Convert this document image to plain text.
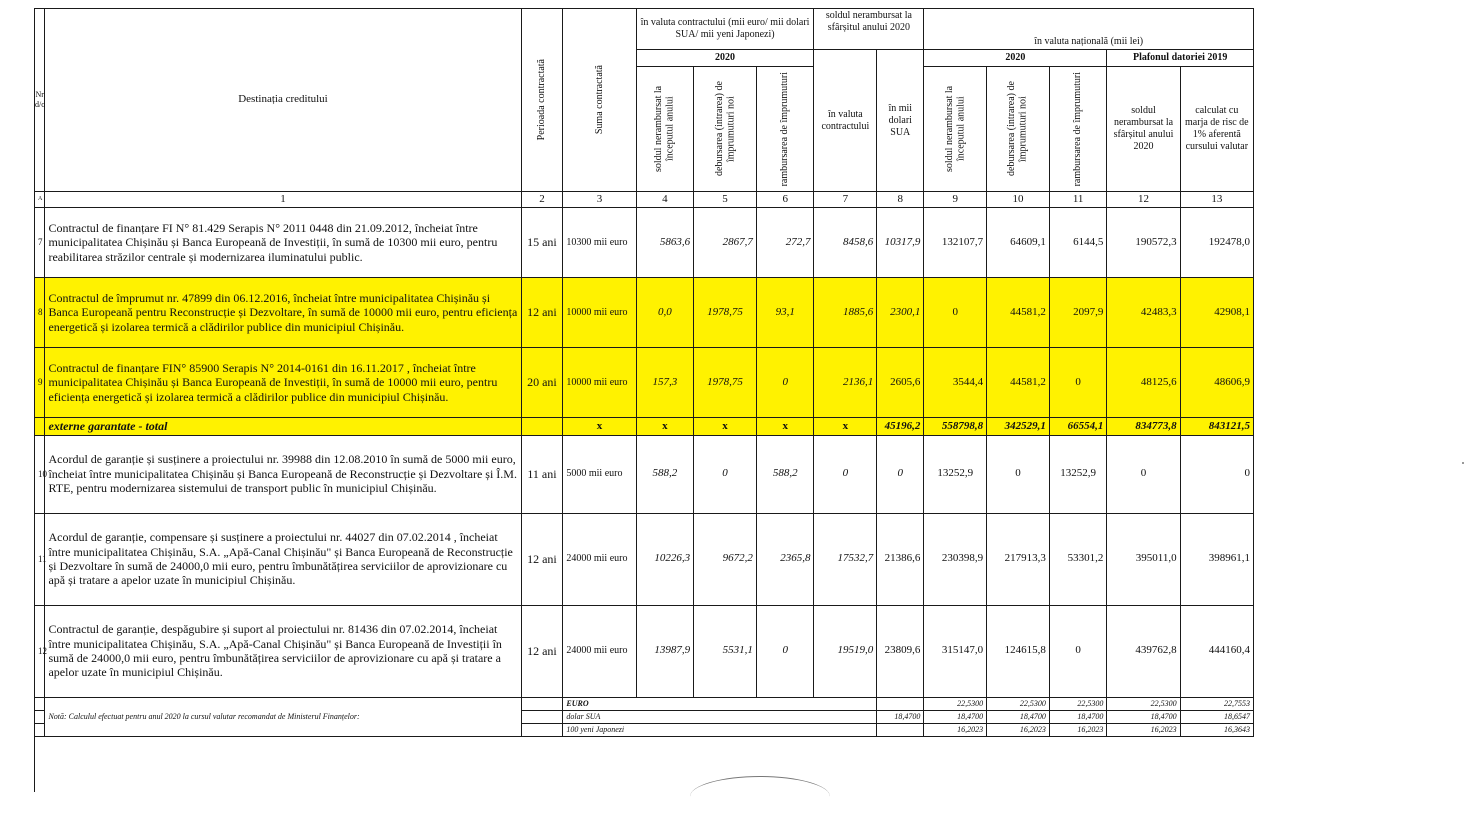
Nr d/o	Destinația creditului	Perioada contractată	Suma contractată	în valuta contractului (mii euro/ mii dolari SUA/ mii yeni Japonezi)			soldul nerambursat la sfârșitul anului 2020		în valuta națională (mii lei)				
				2020			în valuta contractului	în mii dolari SUA	2020			Plafonul datoriei 2019	

				soldul nerambursat la începutul anului	debursarea (intrarea) de împrumuturi noi	rambursarea de împrumuturi			soldul nerambursat la începutul anului	debursarea (intrarea) de împrumuturi noi	rambursarea de împrumuturi	soldul nerambursat la sfârșitul anului 2020	calculat cu marja de risc de 1% aferentă cursului valutar
A	1	2	3	4	5	6	7	8	9	10	11	12	13
7	Contractul de finanțare FI N° 81.429 Serapis N° 2011 0448 din 21.09.2012, încheiat între municipalitatea Chișinău și Banca Europeană de Investiții, în sumă de 10300 mii euro, pentru reabilitarea străzilor centrale și modernizarea iluminatului public.	15 ani	10300 mii euro	5863,6	2867,7	272,7	8458,6	10317,9	132107,7	64609,1	6144,5	190572,3	192478,0
8	Contractul de împrumut nr. 47899 din 06.12.2016, încheiat între municipalitatea Chișinău și Banca Europeană pentru Reconstrucție și Dezvoltare, în sumă de 10000 mii euro, pentru eficiența energetică și izolarea termică a clădirilor publice din municipiul Chișinău.	12 ani	10000 mii euro	0,0	1978,75	93,1	1885,6	2300,1	0	44581,2	2097,9	42483,3	42908,1
9	Contractul de finanțare FIN° 85900 Serapis N° 2014-0161 din 16.11.2017 , încheiat între municipalitatea Chișinău și Banca Europeană de Investiții, în sumă de 10000 mii euro, pentru eficiența energetică și izolarea termică a clădirilor publice din municipiul Chișinău.	20 ani	10000 mii euro	157,3	1978,75	0	2136,1	2605,6	3544,4	44581,2	0	48125,6	48606,9
	externe garantate - total		x	x	x	x	x	45196,2	558798,8	342529,1	66554,1	834773,8	843121,5
10	Acordul de garanție și susținere a proiectului nr. 39988 din 12.08.2010 în sumă de 5000 mii euro, încheiat între municipalitatea Chișinău și Banca Europeană de Reconstrucție și Dezvoltare și Î.M. RTE, pentru modernizarea sistemului de transport public în municipiul Chișinău.	11 ani	5000 mii euro	588,2	0	588,2	0	0	13252,9	0	13252,9	0	0
11	Acordul de garanție, compensare și susținere a proiectului nr. 44027 din 07.02.2014 , încheiat între municipalitatea Chișinău, S.A. „Apă-Canal Chișinău" și Banca Europeană de Reconstrucție și Dezvoltare în sumă de 24000,0 mii euro, pentru îmbunătățirea serviciilor de aprovizionare cu apă și tratare a apelor uzate în municipiul Chișinău.	12 ani	24000 mii euro	10226,3	9672,2	2365,8	17532,7	21386,6	230398,9	217913,3	53301,2	395011,0	398961,1
12	Contractul de garanție, despăgubire și suport al proiectului nr. 81436 din 07.02.2014, încheiat între municipalitatea Chișinău, S.A. „Apă-Canal Chișinău" și Banca Europeană de Investiții în sumă de 24000,0 mii euro, pentru îmbunătățirea serviciilor de aprovizionare cu apă și tratare a apelor uzate în municipiul Chișinău.	12 ani	24000 mii euro	13987,9	5531,1	0	19519,0	23809,6	315147,0	124615,8	0	439762,8	444160,4
	Notă: Calculul efectuat pentru anul 2020 la cursul valutar recomandat de Ministerul Finanțelor:		EURO						22,5300	22,5300	22,5300	22,5300	22,7553
			dolar SUA					18,4700	18,4700	18,4700	18,4700	18,4700	18,6547
			100 yeni Japonezi						16,2023	16,2023	16,2023	16,2023	16,3643
